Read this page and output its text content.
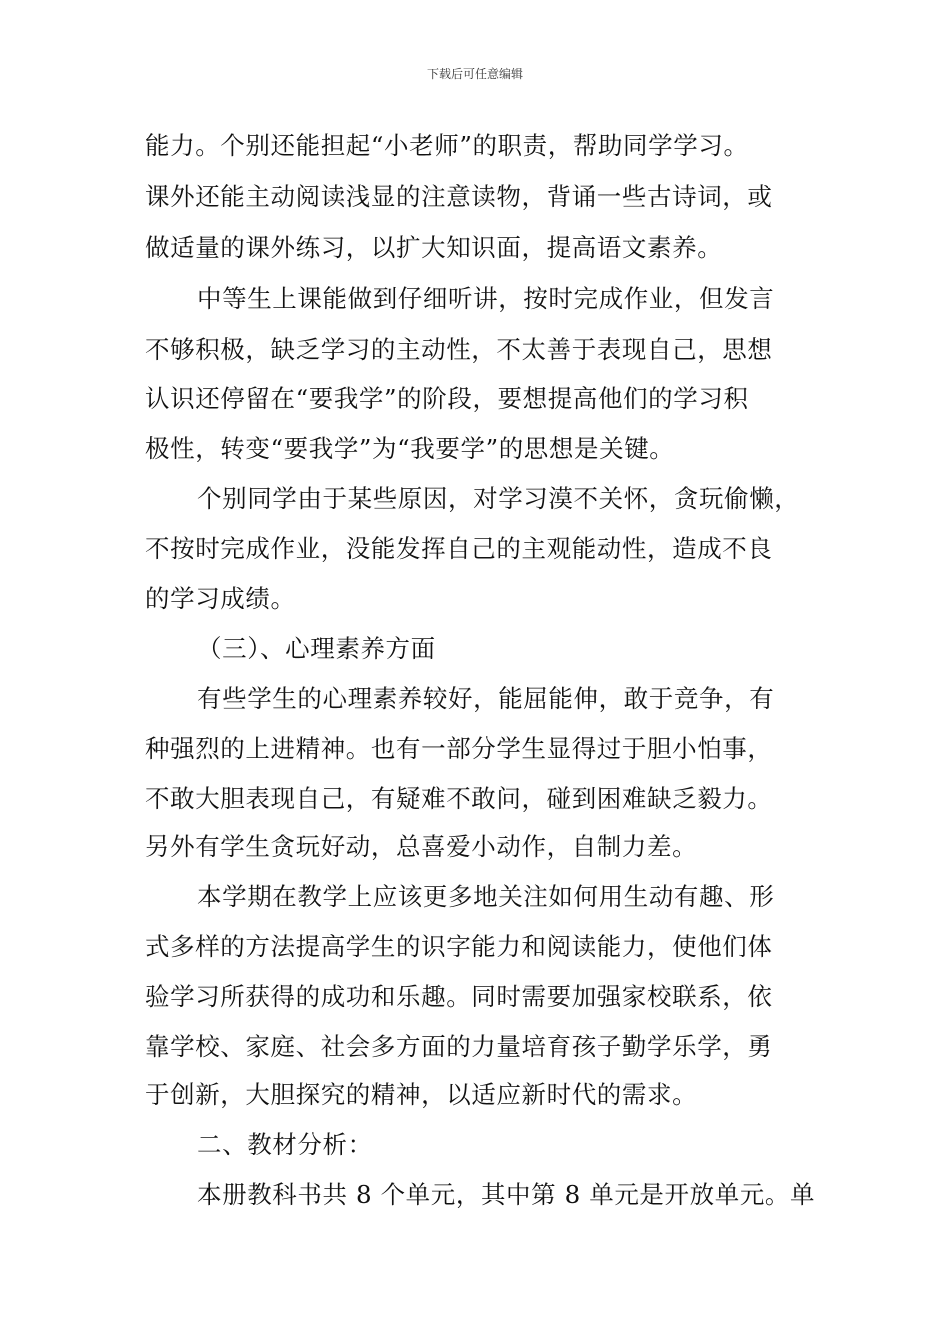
下载后可任意编辑
能力。个别还能担起“小老师”的职责，帮助同学学习。
课外还能主动阅读浅显的注意读物，背诵一些古诗词，或
做适量的课外练习，以扩大知识面，提高语文素养。
中等生上课能做到仔细听讲，按时完成作业，但发言
不够积极，缺乏学习的主动性，不太善于表现自己，思想
认识还停留在“要我学”的阶段，要想提高他们的学习积
极性，转变“要我学”为“我要学”的思想是关键。
个别同学由于某些原因，对学习漠不关怀，贪玩偷懒，
不按时完成作业，没能发挥自己的主观能动性，造成不良
的学习成绩。
（三）、心理素养方面
有些学生的心理素养较好，能屈能伸，敢于竞争，有
种强烈的上进精神。也有一部分学生显得过于胆小怕事，
不敢大胆表现自己，有疑难不敢问，碰到困难缺乏毅力。
另外有学生贪玩好动，总喜爱小动作，自制力差。
本学期在教学上应该更多地关注如何用生动有趣、形
式多样的方法提高学生的识字能力和阅读能力，使他们体
验学习所获得的成功和乐趣。同时需要加强家校联系，依
靠学校、家庭、社会多方面的力量培育孩子勤学乐学，勇
于创新，大胆探究的精神，以适应新时代的需求。
二、教材分析：
本册教科书共 8 个单元，其中第 8 单元是开放单元。单
